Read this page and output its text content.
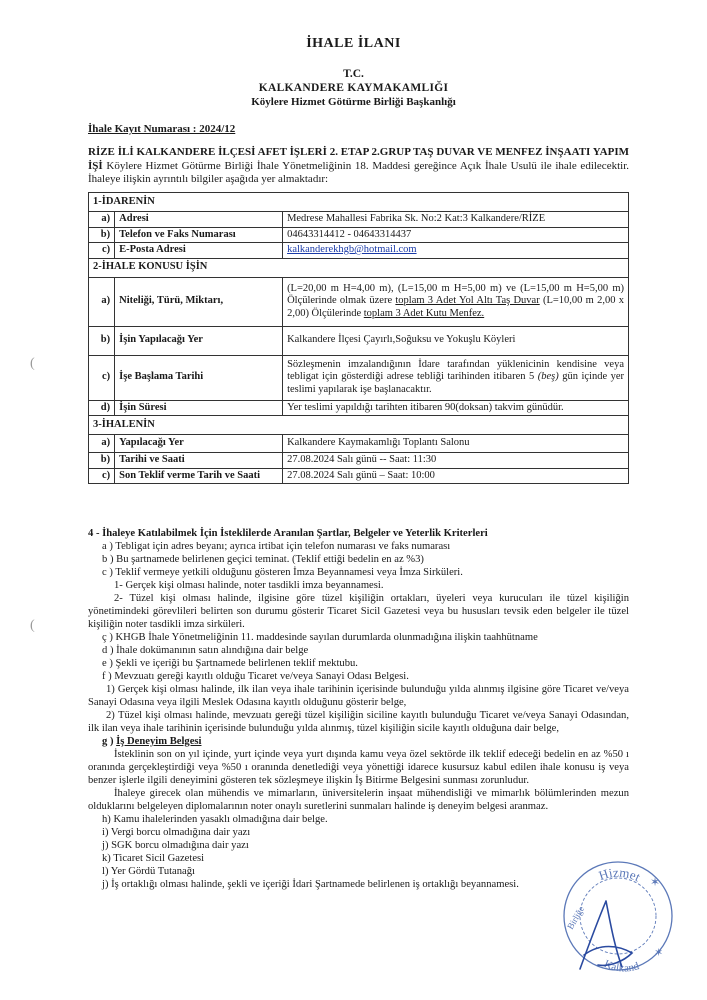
İHALE İLANI
T.C.
KALKANDERE KAYMAKAMLIĞI
Köylere Hizmet Götürme Birliği Başkanlığı
İhale Kayıt Numarası : 2024/12
RİZE İLİ KALKANDERE İLÇESİ AFET İŞLERİ 2. ETAP 2.GRUP TAŞ DUVAR VE MENFEZ İNŞAATI YAPIM İŞİ Köylere Hizmet Götürme Birliği İhale Yönetmeliğinin 18. Maddesi gereğince Açık İhale Usulü ile ihale edilecektir. İhaleye ilişkin ayrıntılı bilgiler aşağıda yer almaktadır:
1-İDARENİN		
a)	Adresi	Medrese Mahallesi Fabrika Sk. No:2 Kat:3 Kalkandere/RİZE
b)	Telefon ve Faks Numarası	04643314412 - 04643314437
c)	E-Posta Adresi	kalkanderekhgb@hotmail.com
2-İHALE KONUSU İŞİN		
a)	Niteliği, Türü, Miktarı,	(L=20,00 m H=4,00 m), (L=15,00 m H=5,00 m) ve (L=15,00 m H=5,00 m) Ölçülerinde olmak üzere toplam 3 Adet Yol Altı Taş Duvar (L=10,00 m 2,00 x 2,00) Ölçülerinde toplam 3 Adet Kutu Menfez.
b)	İşin Yapılacağı Yer	Kalkandere İlçesi Çayırlı,Soğuksu ve Yokuşlu Köyleri
c)	İşe Başlama Tarihi	Sözleşmenin imzalandığının İdare tarafından yüklenicinin kendisine veya tebligat için gösterdiği adrese tebliği tarihinden itibaren 5 (beş) gün içinde yer teslimi yapılarak işe başlanacaktır.
d)	İşin Süresi	Yer teslimi yapıldığı tarihten itibaren 90(doksan) takvim günüdür.
3-İHALENİN		
a)	Yapılacağı Yer	Kalkandere Kaymakamlığı Toplantı Salonu
b)	Tarihi ve Saati	27.08.2024 Salı günü -- Saat: 11:30
c)	Son Teklif verme Tarih ve Saati	27.08.2024 Salı günü – Saat: 10:00

4 - İhaleye Katılabilmek İçin İsteklilerde Aranılan Şartlar, Belgeler ve Yeterlik Kriterleri

a ) Tebligat için adres beyanı; ayrıca irtibat için telefon numarası ve faks numarası

b ) Bu şartnamede belirlenen geçici teminat. (Teklif ettiği bedelin en az %3)

c ) Teklif vermeye yetkili olduğunu gösteren İmza Beyannamesi veya İmza Sirküleri.

1- Gerçek kişi olması halinde, noter tasdikli imza beyannamesi.

2- Tüzel kişi olması halinde, ilgisine göre tüzel kişiliğin ortakları, üyeleri veya kurucuları ile tüzel kişiliğin yönetimindeki görevlileri belirten son durumu gösterir Ticaret Sicil Gazetesi veya bu hususları tevsik eden belgeler ile tüzel kişiliğin noter tasdikli imza sirküleri.

ç ) KHGB İhale Yönetmeliğinin 11. maddesinde sayılan durumlarda olunmadığına ilişkin taahhütname

d ) İhale dokümanının satın alındığına dair belge

e ) Şekli ve içeriği bu Şartnamede belirlenen teklif mektubu.

f ) Mevzuatı gereği kayıtlı olduğu Ticaret ve/veya Sanayi Odası Belgesi.

1) Gerçek kişi olması halinde, ilk ilan veya ihale tarihinin içerisinde bulunduğu yılda alınmış ilgisine göre Ticaret ve/veya Sanayi Odasına veya ilgili Meslek Odasına kayıtlı olduğunu gösterir belge,

2) Tüzel kişi olması halinde, mevzuatı gereği tüzel kişiliğin siciline kayıtlı bulunduğu Ticaret ve/veya Sanayi Odasından, ilk ilan veya ihale tarihinin içerisinde bulunduğu yılda alınmış, tüzel kişiliğin sicile kayıtlı olduğuna dair belge,

g ) İş Deneyim Belgesi

İsteklinin son on yıl içinde, yurt içinde veya yurt dışında kamu veya özel sektörde ilk teklif edeceği bedelin en az %50 ı oranında gerçekleştirdiği veya %50 ı oranında denetlediği veya yönettiği idarece kusursuz kabul edilen ihale konusu iş veya benzer işlerle ilgili deneyimini gösteren tek sözleşmeye ilişkin İş Bitirme Belgesini sunması zorunludur.

İhaleye girecek olan mühendis ve mimarların, üniversitelerin inşaat mühendisliği ve mimarlık bölümlerinden mezun olduklarını belgeleyen diplomalarının noter onaylı suretlerini sunmaları halinde iş deneyim belgesi aranmaz.

h) Kamu ihalelerinden yasaklı olmadığına dair belge.

i) Vergi borcu olmadığına dair yazı

j) SGK borcu olmadığına dair yazı

k) Ticaret Sicil Gazetesi

l) Yer Gördü Tutanağı

j) İş ortaklığı olması halinde, şekli ve içeriği İdari Şartnamede belirlenen iş ortaklığı beyannamesi.

(
(
Hizmet
Birliğe
Kalkand
✶
✶
